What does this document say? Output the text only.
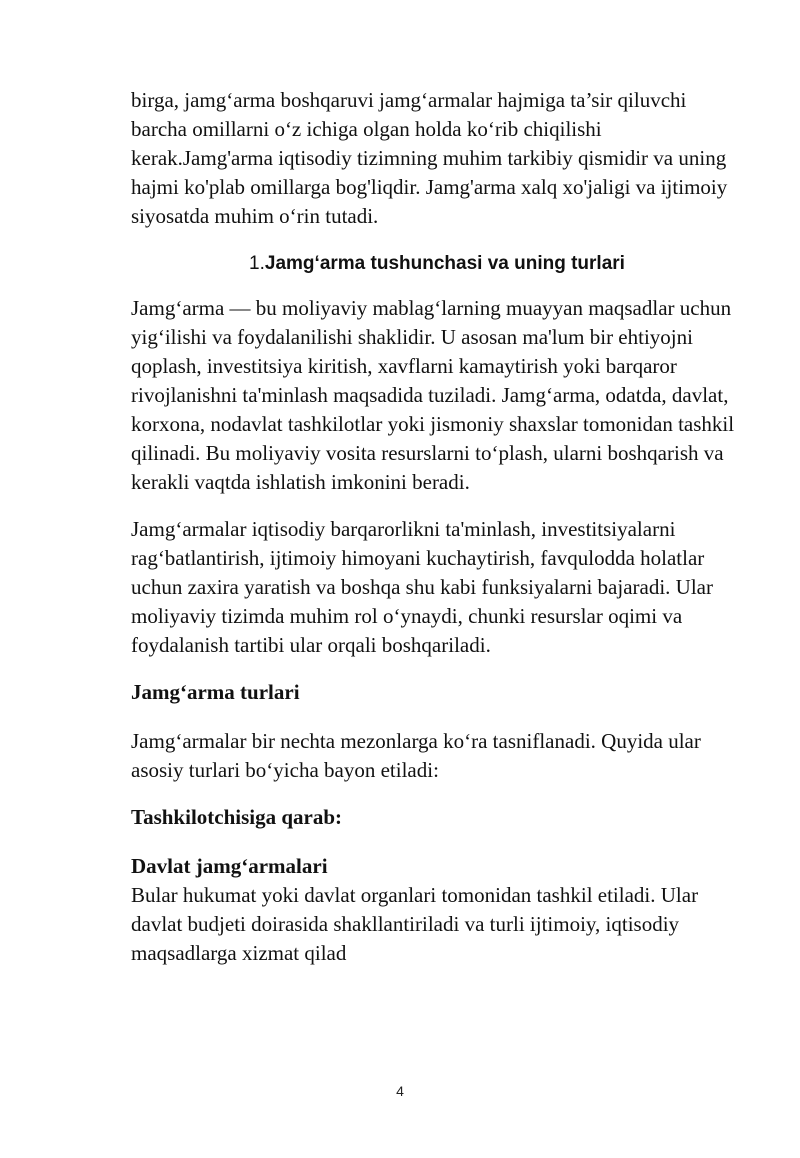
birga, jamg‘arma boshqaruvi jamg‘armalar hajmiga ta’sir qiluvchi barcha omillarni o‘z ichiga olgan holda ko‘rib chiqilishi kerak.Jamg'arma iqtisodiy tizimning muhim tarkibiy qismidir va uning hajmi ko'plab omillarga bog'liqdir. Jamg'arma xalq xo'jaligi va ijtimoiy siyosatda muhim o‘rin tutadi.

1.Jamg‘arma tushunchasi va uning turlari

Jamg‘arma — bu moliyaviy mablag‘larning muayyan maqsadlar uchun yig‘ilishi va foydalanilishi shaklidir. U asosan ma'lum bir ehtiyojni qoplash, investitsiya kiritish, xavflarni kamaytirish yoki barqaror rivojlanishni ta'minlash maqsadida tuziladi. Jamg‘arma, odatda, davlat, korxona, nodavlat tashkilotlar yoki jismoniy shaxslar tomonidan tashkil qilinadi. Bu moliyaviy vosita resurslarni to‘plash, ularni boshqarish va kerakli vaqtda ishlatish imkonini beradi.

Jamg‘armalar iqtisodiy barqarorlikni ta'minlash, investitsiyalarni rag‘batlantirish, ijtimoiy himoyani kuchaytirish, favqulodda holatlar uchun zaxira yaratish va boshqa shu kabi funksiyalarni bajaradi. Ular moliyaviy tizimda muhim rol o‘ynaydi, chunki resurslar oqimi va foydalanish tartibi ular orqali boshqariladi.

Jamg‘arma turlari

Jamg‘armalar bir nechta mezonlarga ko‘ra tasniflanadi. Quyida ular asosiy turlari bo‘yicha bayon etiladi:

Tashkilotchisiga qarab:
Davlat jamg‘armalari

Bular hukumat yoki davlat organlari tomonidan tashkil etiladi. Ular davlat budjeti doirasida shakllantiriladi va turli ijtimoiy, iqtisodiy maqsadlarga xizmat qilad

4
